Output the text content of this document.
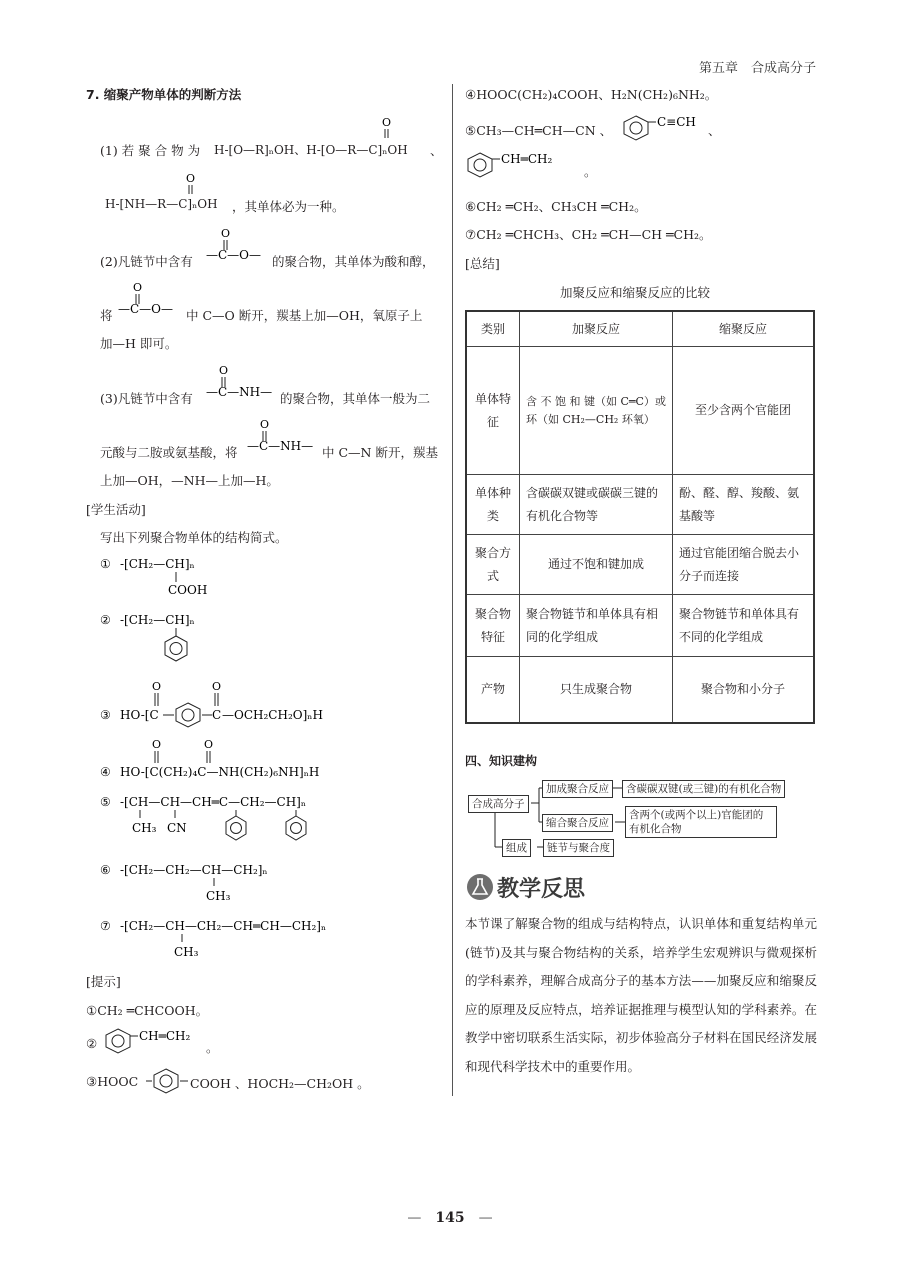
第五章　合成高分子
7. 缩聚产物单体的判断方法
(1) 若 聚 合 物 为 H-[O—R]ₙOH、H-[O—R—C]ₙOH
O
、
H-[NH—R—C]ₙOH
O
，其单体必为一种。
(2)凡链节中含有
O
—C—O— 的聚合物，其单体为酸和醇，
将
O
—C—O— 中 C—O 断开，羰基上加—OH，氧原子上
加—H 即可。
(3)凡链节中含有
O
—C—NH— 的聚合物，其单体一般为二
元酸与二胺或氨基酸，将
O
—C—NH— 中 C—N 断开，羰基
上加—OH，—NH—上加—H。
[学生活动]
写出下列聚合物单体的结构简式。
① -[CH₂—CH]ₙ
COOH
② -[CH₂—CH]ₙ
③ HO-[C
O
C
O
—OCH₂CH₂O]ₙH
④ HO-[C(CH₂)₄C—NH(CH₂)₆NH]ₙH
O	O
⑤ -[CH—CH—CH═C—CH₂—CH]ₙ
CH₃ CN
⑥ -[CH₂—CH₂—CH—CH₂]ₙ
CH₃
⑦ -[CH₂—CH—CH₂—CH═CH—CH₂]ₙ
CH₃
[提示]
①CH₂ ═CHCOOH。
②	CH═CH₂
。
③HOOC	COOH 、HOCH₂—CH₂OH 。
④HOOC(CH₂)₄COOH、H₂N(CH₂)₆NH₂。
⑤CH₃—CH═CH—CN 、
C≡CH
、
CH═CH₂
。
⑥CH₂ ═CH₂、CH₃CH ═CH₂。
⑦CH₂ ═CHCH₃、CH₂ ═CH—CH ═CH₂。
[总结]
加聚反应和缩聚反应的比较
类别	加聚反应	缩聚反应
单体特征	含 不 饱 和 键（如 C═C）或环（如 CH₂—CH₂ 环氧）	至少含两个官能团
单体种类	含碳碳双键或碳碳三键的有机化合物等	酚、醛、醇、羧酸、氨基酸等
聚合方式	通过不饱和键加成	通过官能团缩合脱去小分子而连接
聚合物特征	聚合物链节和单体具有相同的化学组成	聚合物链节和单体具有不同的化学组成
产物	只生成聚合物	聚合物和小分子
四、知识建构
合成高分子
加成聚合反应	含碳碳双键(或三键)的有机化合物
缩合聚合反应
含两个(或两个以上)官能团的有机化合物
组成	链节与聚合度
教学反思
本节课了解聚合物的组成与结构特点，认识单体和重复结构单元(链节)及其与聚合物结构的关系，培养学生宏观辨识与微观探析的学科素养，理解合成高分子的基本方法——加聚反应和缩聚反应的原理及反应特点，培养证据推理与模型认知的学科素养。在教学中密切联系生活实际，初步体验高分子材料在国民经济发展和现代科学技术中的重要作用。
—　145　—
